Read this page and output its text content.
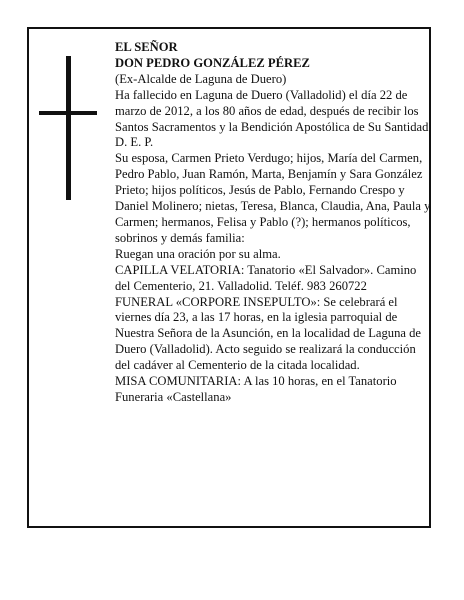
EL SEÑOR

DON PEDRO GONZÁLEZ PÉREZ

(Ex-Alcalde de Laguna de Duero)

Ha fallecido en Laguna de Duero (Valladolid) el día 22 de marzo de 2012, a los 80 años de edad, después de recibir los Santos Sacramentos y la Bendición Apostólica de Su Santidad

D. E. P.

Su esposa, Carmen Prieto Verdugo; hijos, María del Carmen, Pedro Pablo, Juan Ramón, Marta, Benjamín y Sara González Prieto; hijos políticos, Jesús de Pablo, Fernando Crespo y Daniel Molinero; nietas, Teresa, Blanca, Claudia, Ana, Paula y Carmen; hermanos, Felisa y Pablo (?); hermanos políticos, sobrinos y demás familia:

Ruegan una oración por su alma.

CAPILLA VELATORIA: Tanatorio «El Salvador». Camino del Cementerio, 21. Valladolid. Teléf. 983 260722

FUNERAL «CORPORE INSEPULTO»: Se celebrará el viernes día 23, a las 17 horas, en la iglesia parroquial de Nuestra Señora de la Asunción, en la localidad de Laguna de Duero (Valladolid). Acto seguido se realizará la conducción del cadáver al Cementerio de la citada localidad.

MISA COMUNITARIA: A las 10 horas, en el Tanatorio

Funeraria «Castellana»
